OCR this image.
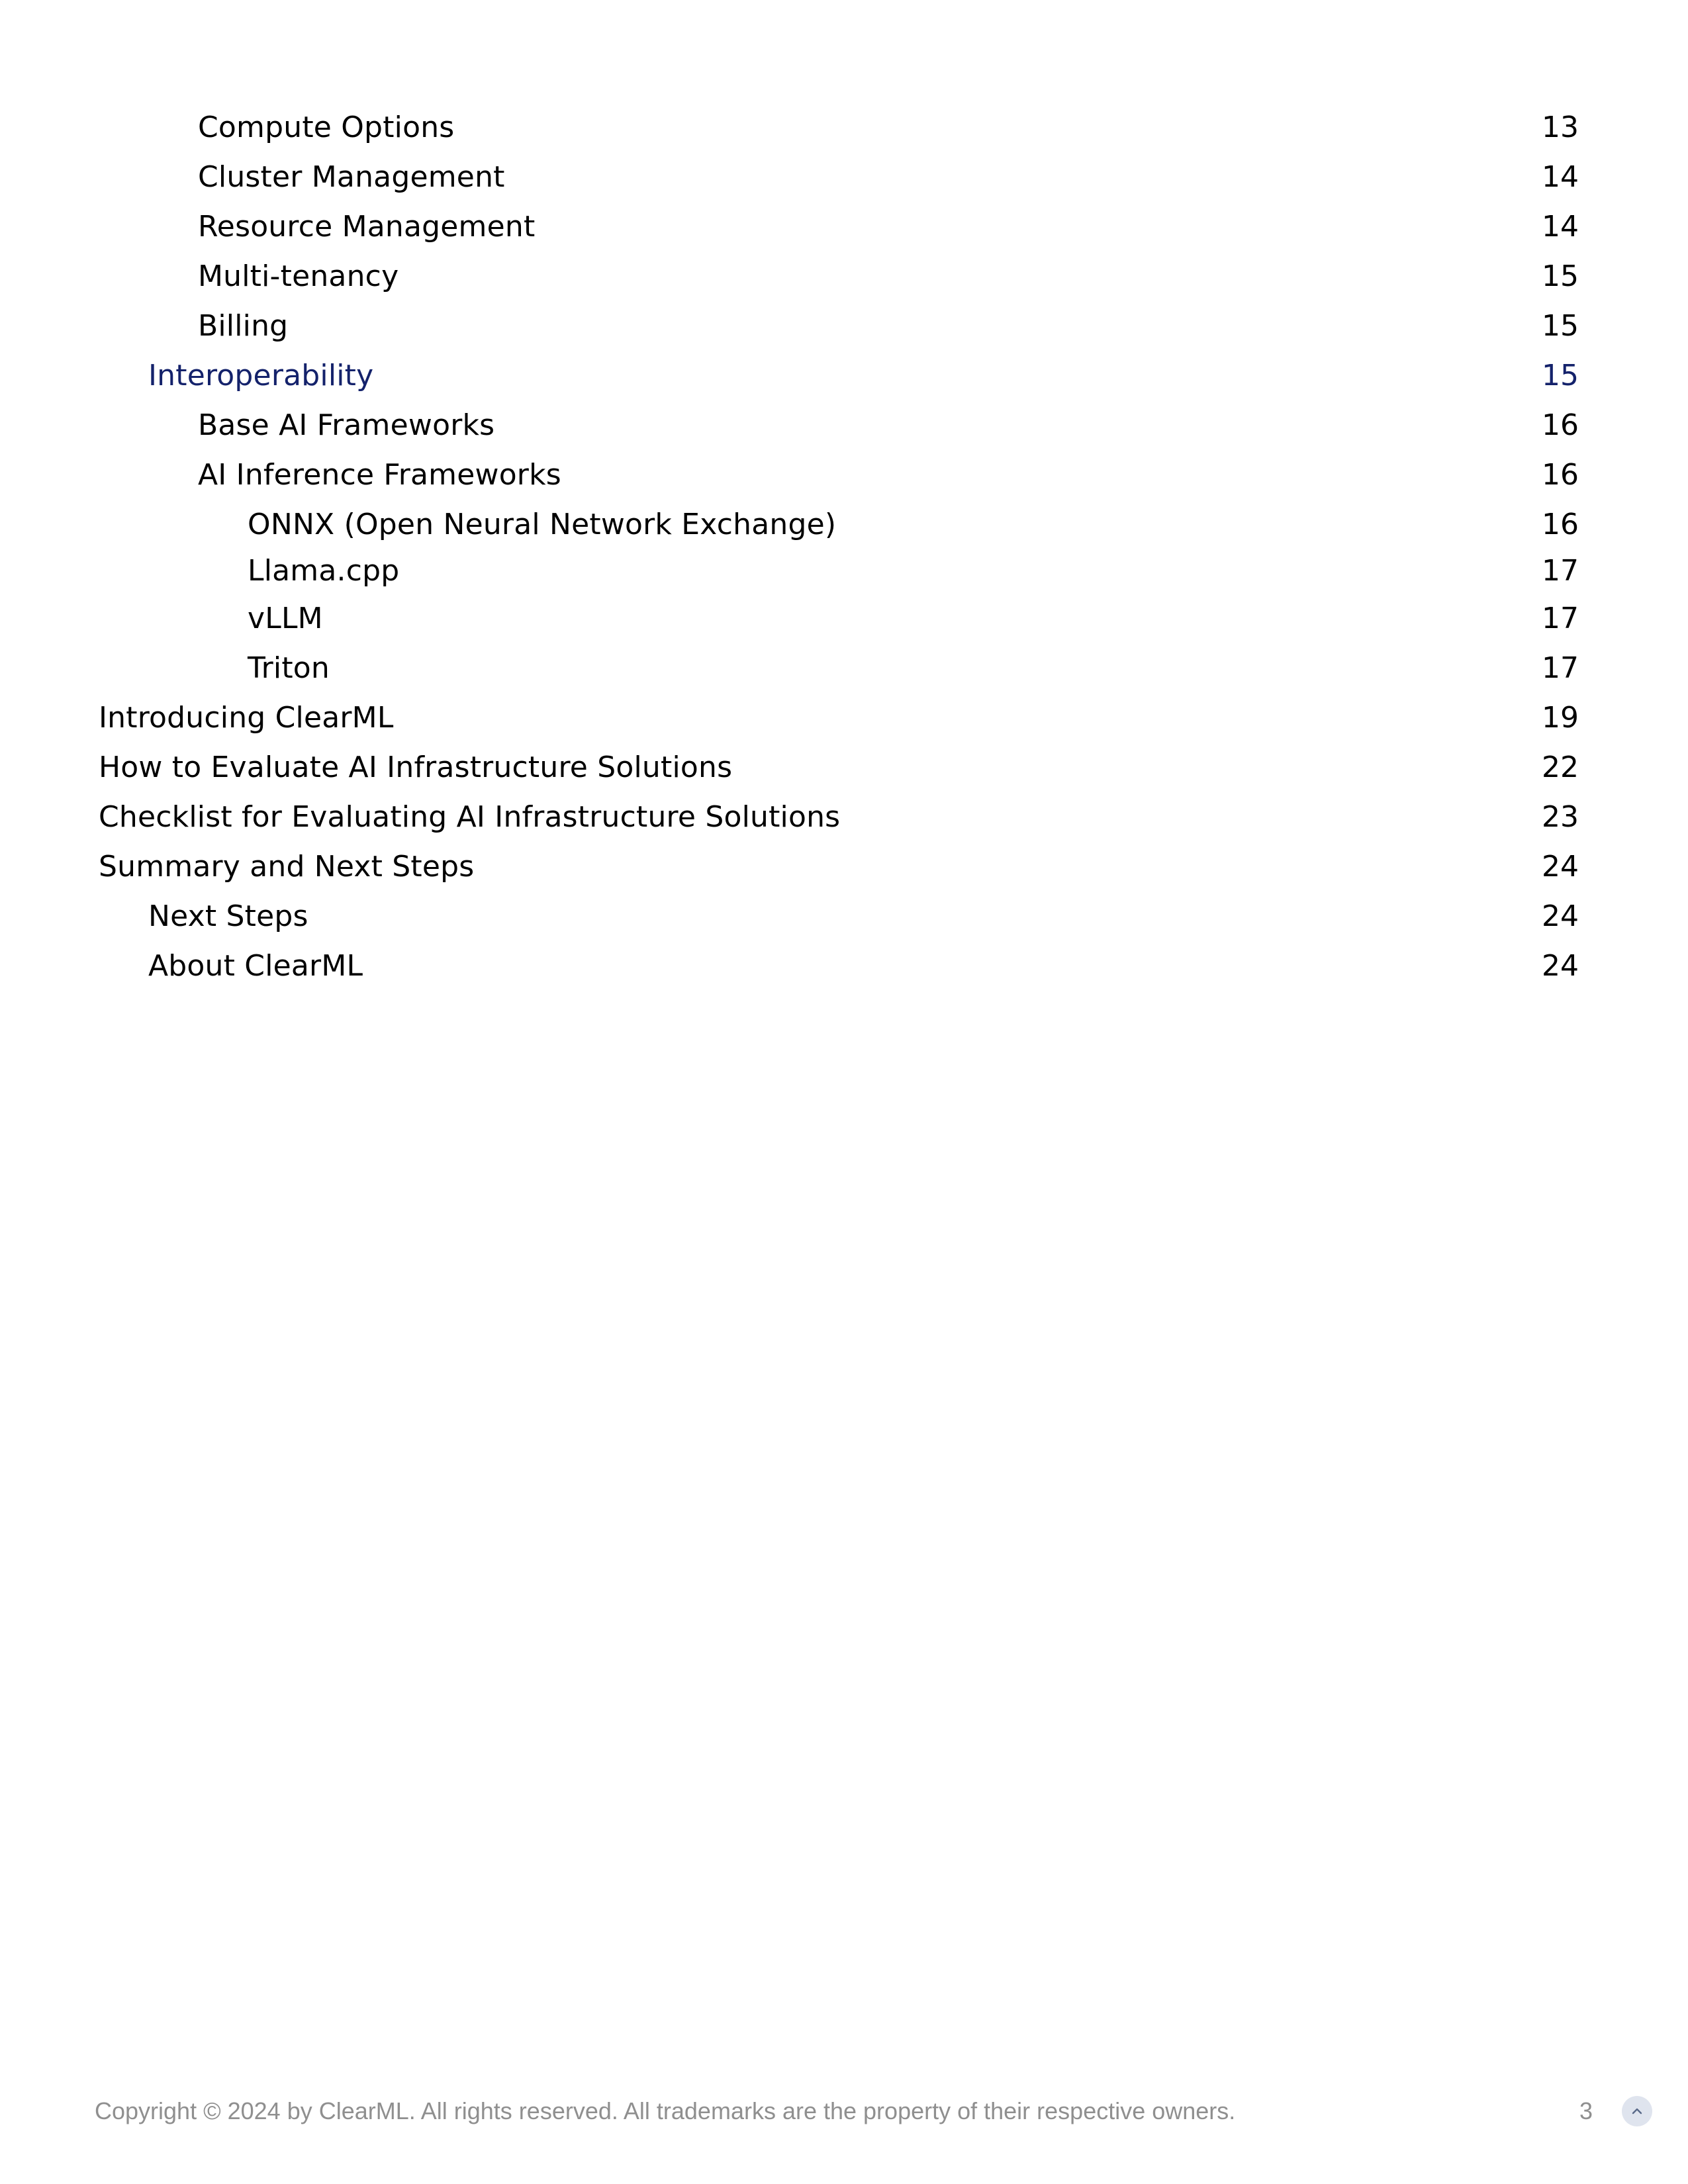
Compute Options	13
Cluster Management	14
Resource Management	14
Multi-tenancy	15
Billing	15
Interoperability	15
Base AI Frameworks	16
AI Inference Frameworks	16
ONNX (Open Neural Network Exchange)	16
Llama.cpp	17
vLLM	17
Triton	17
Introducing ClearML	19
How to Evaluate AI Infrastructure Solutions	22
Checklist for Evaluating AI Infrastructure Solutions	23
Summary and Next Steps	24
Next Steps	24
About ClearML	24
Copyright © 2024 by ClearML. All rights reserved. All trademarks are the property of their respective owners.	3
